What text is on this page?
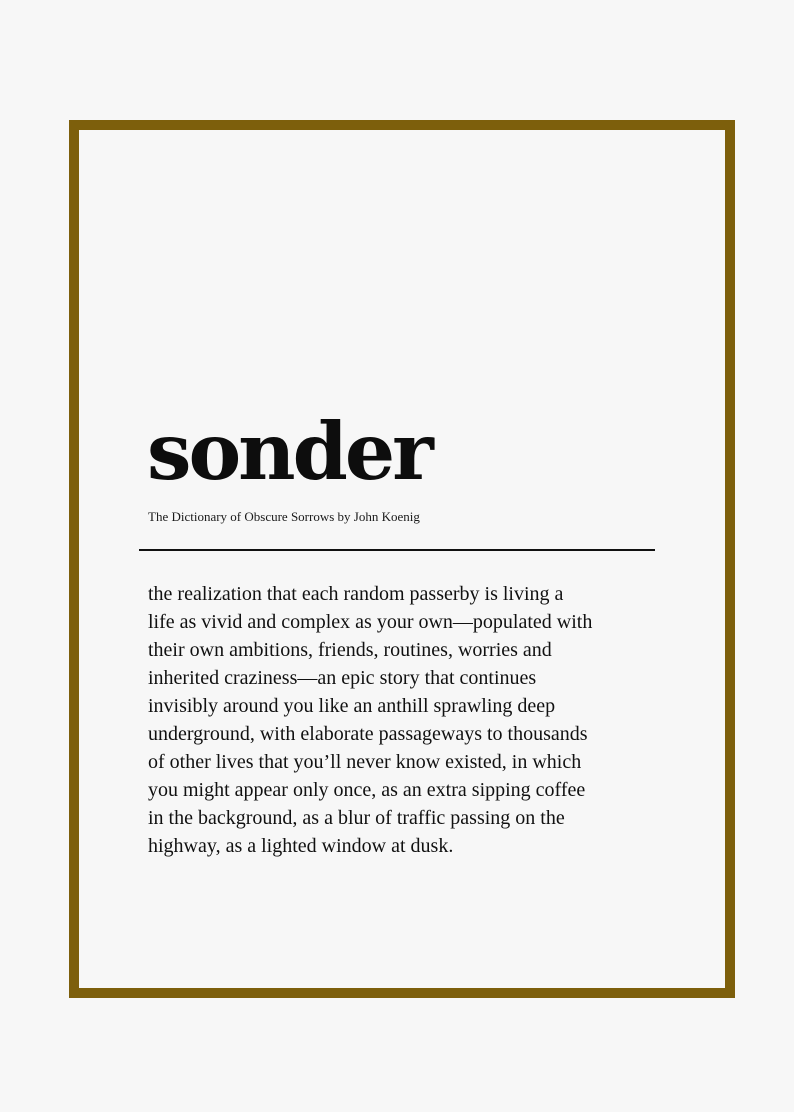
sonder
The Dictionary of Obscure Sorrows by John Koenig

the realization that each random passerby is living a
life as vivid and complex as your own—populated with
their own ambitions, friends, routines, worries and
inherited craziness—an epic story that continues
invisibly around you like an anthill sprawling deep
underground, with elaborate passageways to thousands
of other lives that you’ll never know existed, in which
you might appear only once, as an extra sipping coffee
in the background, as a blur of traffic passing on the
highway, as a lighted window at dusk.
